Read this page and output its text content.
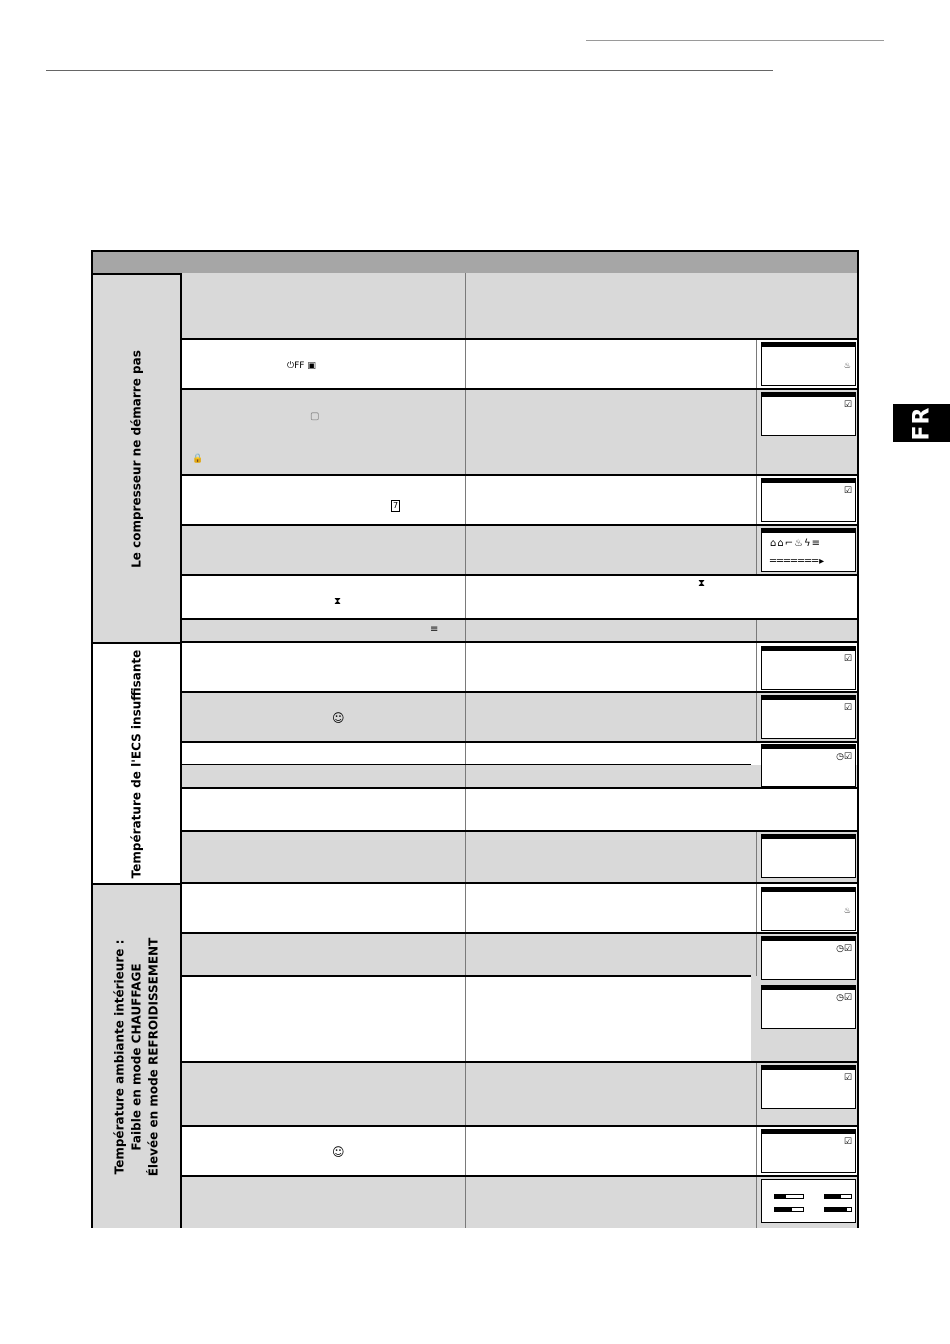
FR
Le compresseur ne démarre pas
Température de l'ECS insuffisante
Température ambiante intérieure : Faible en mode CHAUFFAGE Élevée en mode REFROIDISSEMENT
⏻FF ▣	♨
▢
🔒
☑
7
☑
⌂⌂⌐♨ϟ≡
═══════▸
⧗
⧗
≡
☑
☺
☑
◷☑
♨
◷☑
◷☑
☑
☺
☑
